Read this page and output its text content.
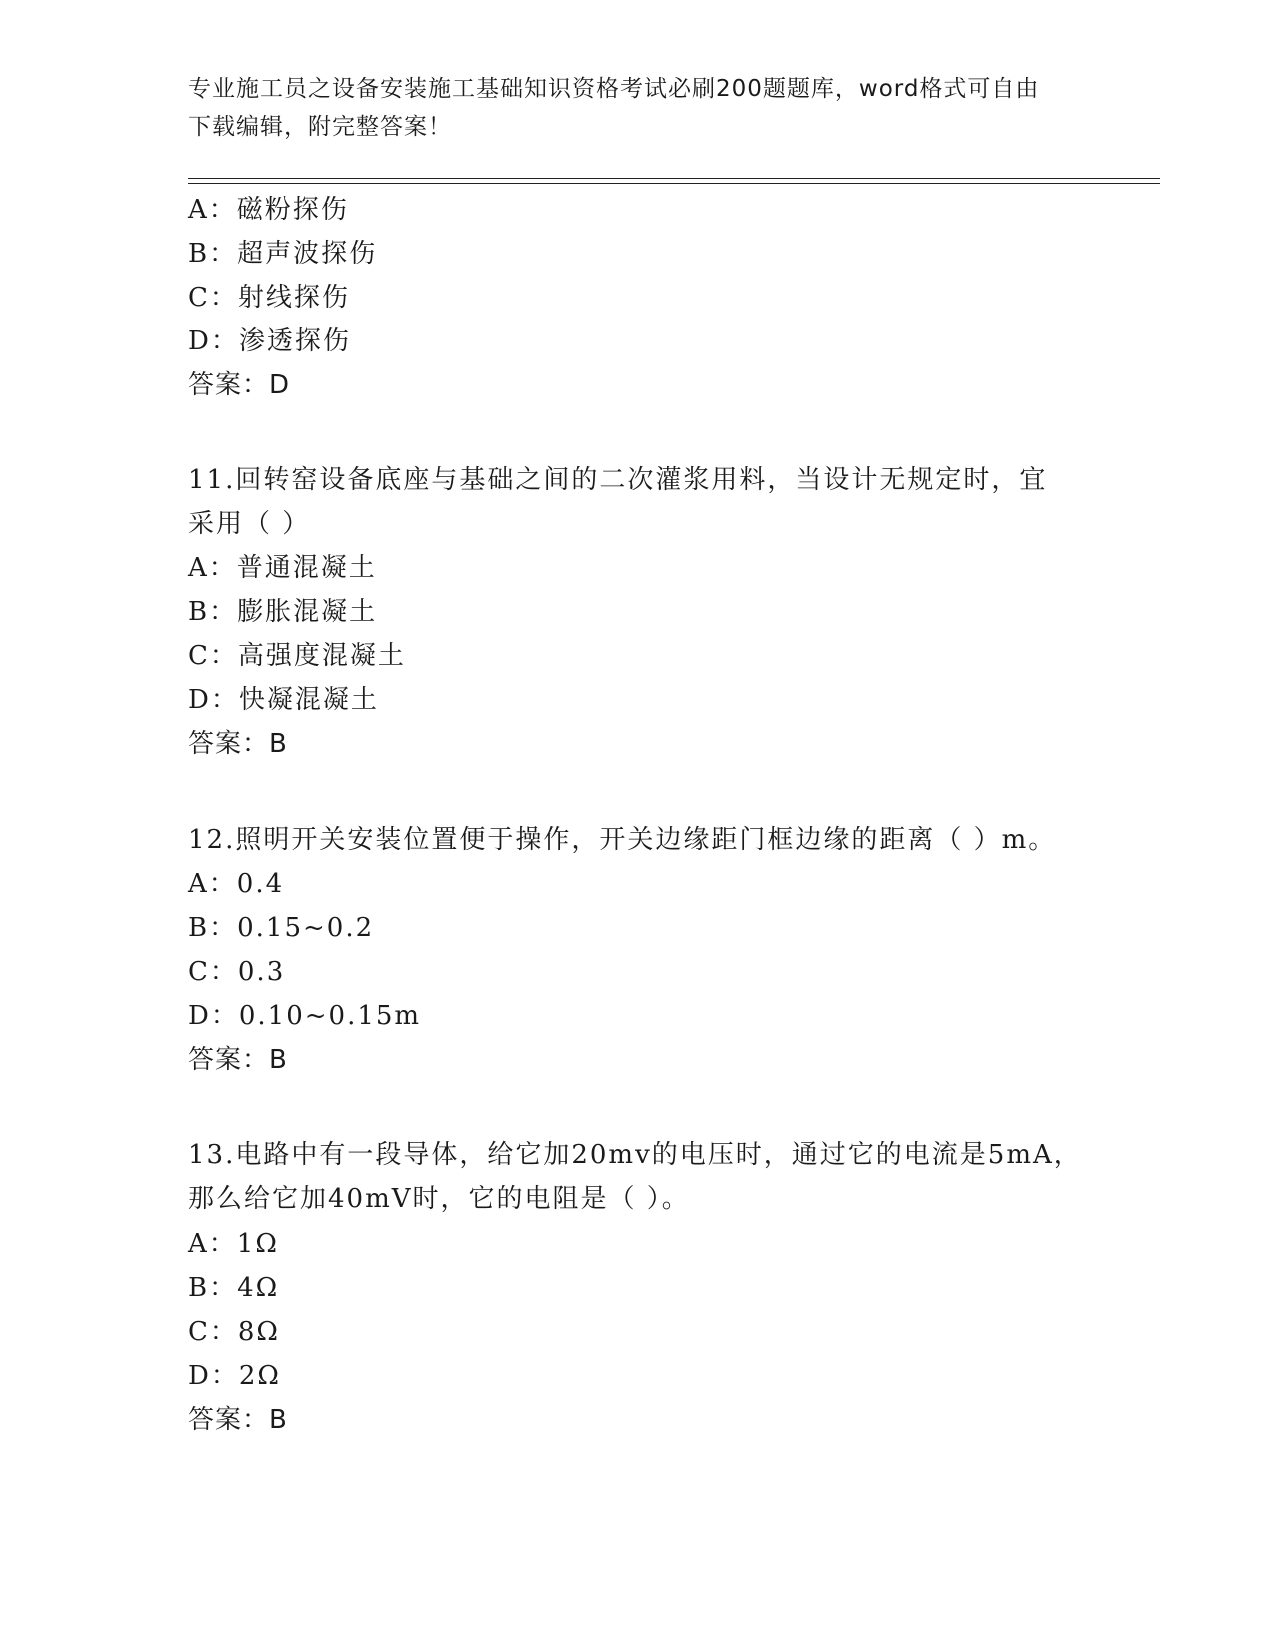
专业施工员之设备安装施工基础知识资格考试必刷200题题库，word格式可自由
下载编辑，附完整答案！
A：磁粉探伤
B：超声波探伤
C：射线探伤
D：渗透探伤
答案：D
11.回转窑设备底座与基础之间的二次灌浆用料，当设计无规定时，宜
采用（ ）
A：普通混凝土
B：膨胀混凝土
C：高强度混凝土
D：快凝混凝土
答案：B
12.照明开关安装位置便于操作，开关边缘距门框边缘的距离（ ）m。
A：0.4
B：0.15~0.2
C：0.3
D：0.10~0.15m
答案：B
13.电路中有一段导体，给它加20mv的电压时，通过它的电流是5mA，
那么给它加40mV时，它的电阻是（ ）。
A：1Ω
B：4Ω
C：8Ω
D：2Ω
答案：B
